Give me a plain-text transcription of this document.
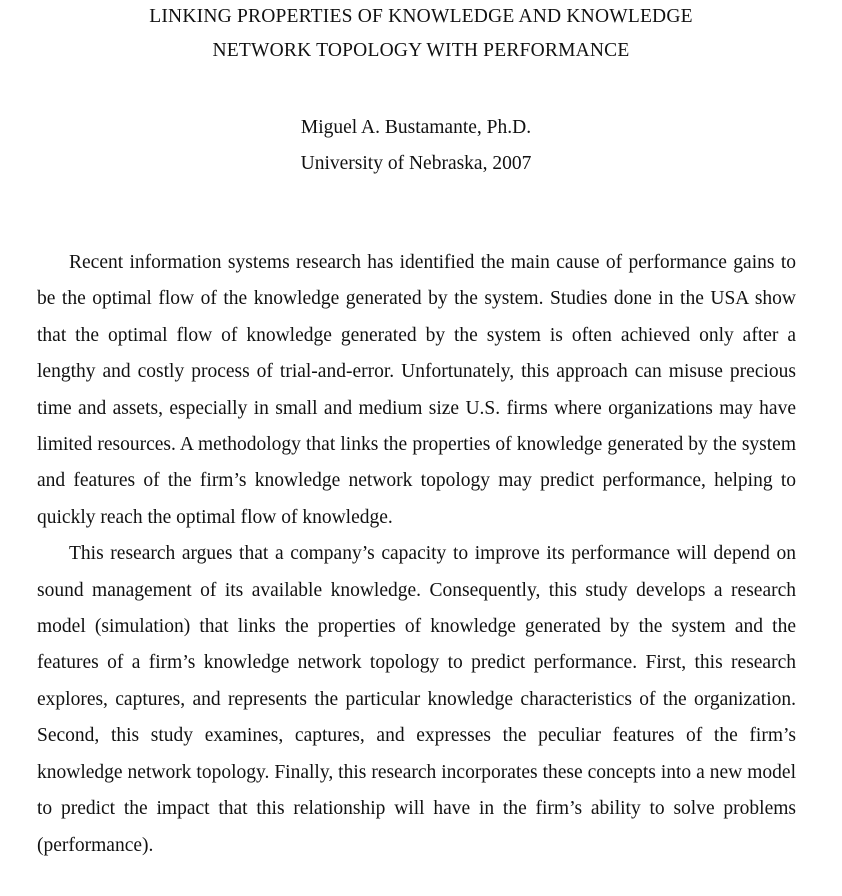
LINKING PROPERTIES OF KNOWLEDGE AND KNOWLEDGE

NETWORK TOPOLOGY WITH PERFORMANCE

Miguel A. Bustamante, Ph.D.

University of Nebraska, 2007

Recent information systems research has identified the main cause of performance gains to be the optimal flow of the knowledge generated by the system. Studies done in the USA show that the optimal flow of knowledge generated by the system is often achieved only after a lengthy and costly process of trial-and-error. Unfortunately, this approach can misuse precious time and assets, especially in small and medium size U.S. firms where organizations may have limited resources. A methodology that links the properties of knowledge generated by the system and features of the firm’s knowledge network topology may predict performance, helping to quickly reach the optimal flow of knowledge.

This research argues that a company’s capacity to improve its performance will depend on sound management of its available knowledge. Consequently, this study develops a research model (simulation) that links the properties of knowledge generated by the system and the features of a firm’s knowledge network topology to predict performance. First, this research explores, captures, and represents the particular knowledge characteristics of the organization. Second, this study examines, captures, and expresses the peculiar features of the firm’s knowledge network topology. Finally, this research incorporates these concepts into a new model to predict the impact that this relationship will have in the firm’s ability to solve problems (performance).
